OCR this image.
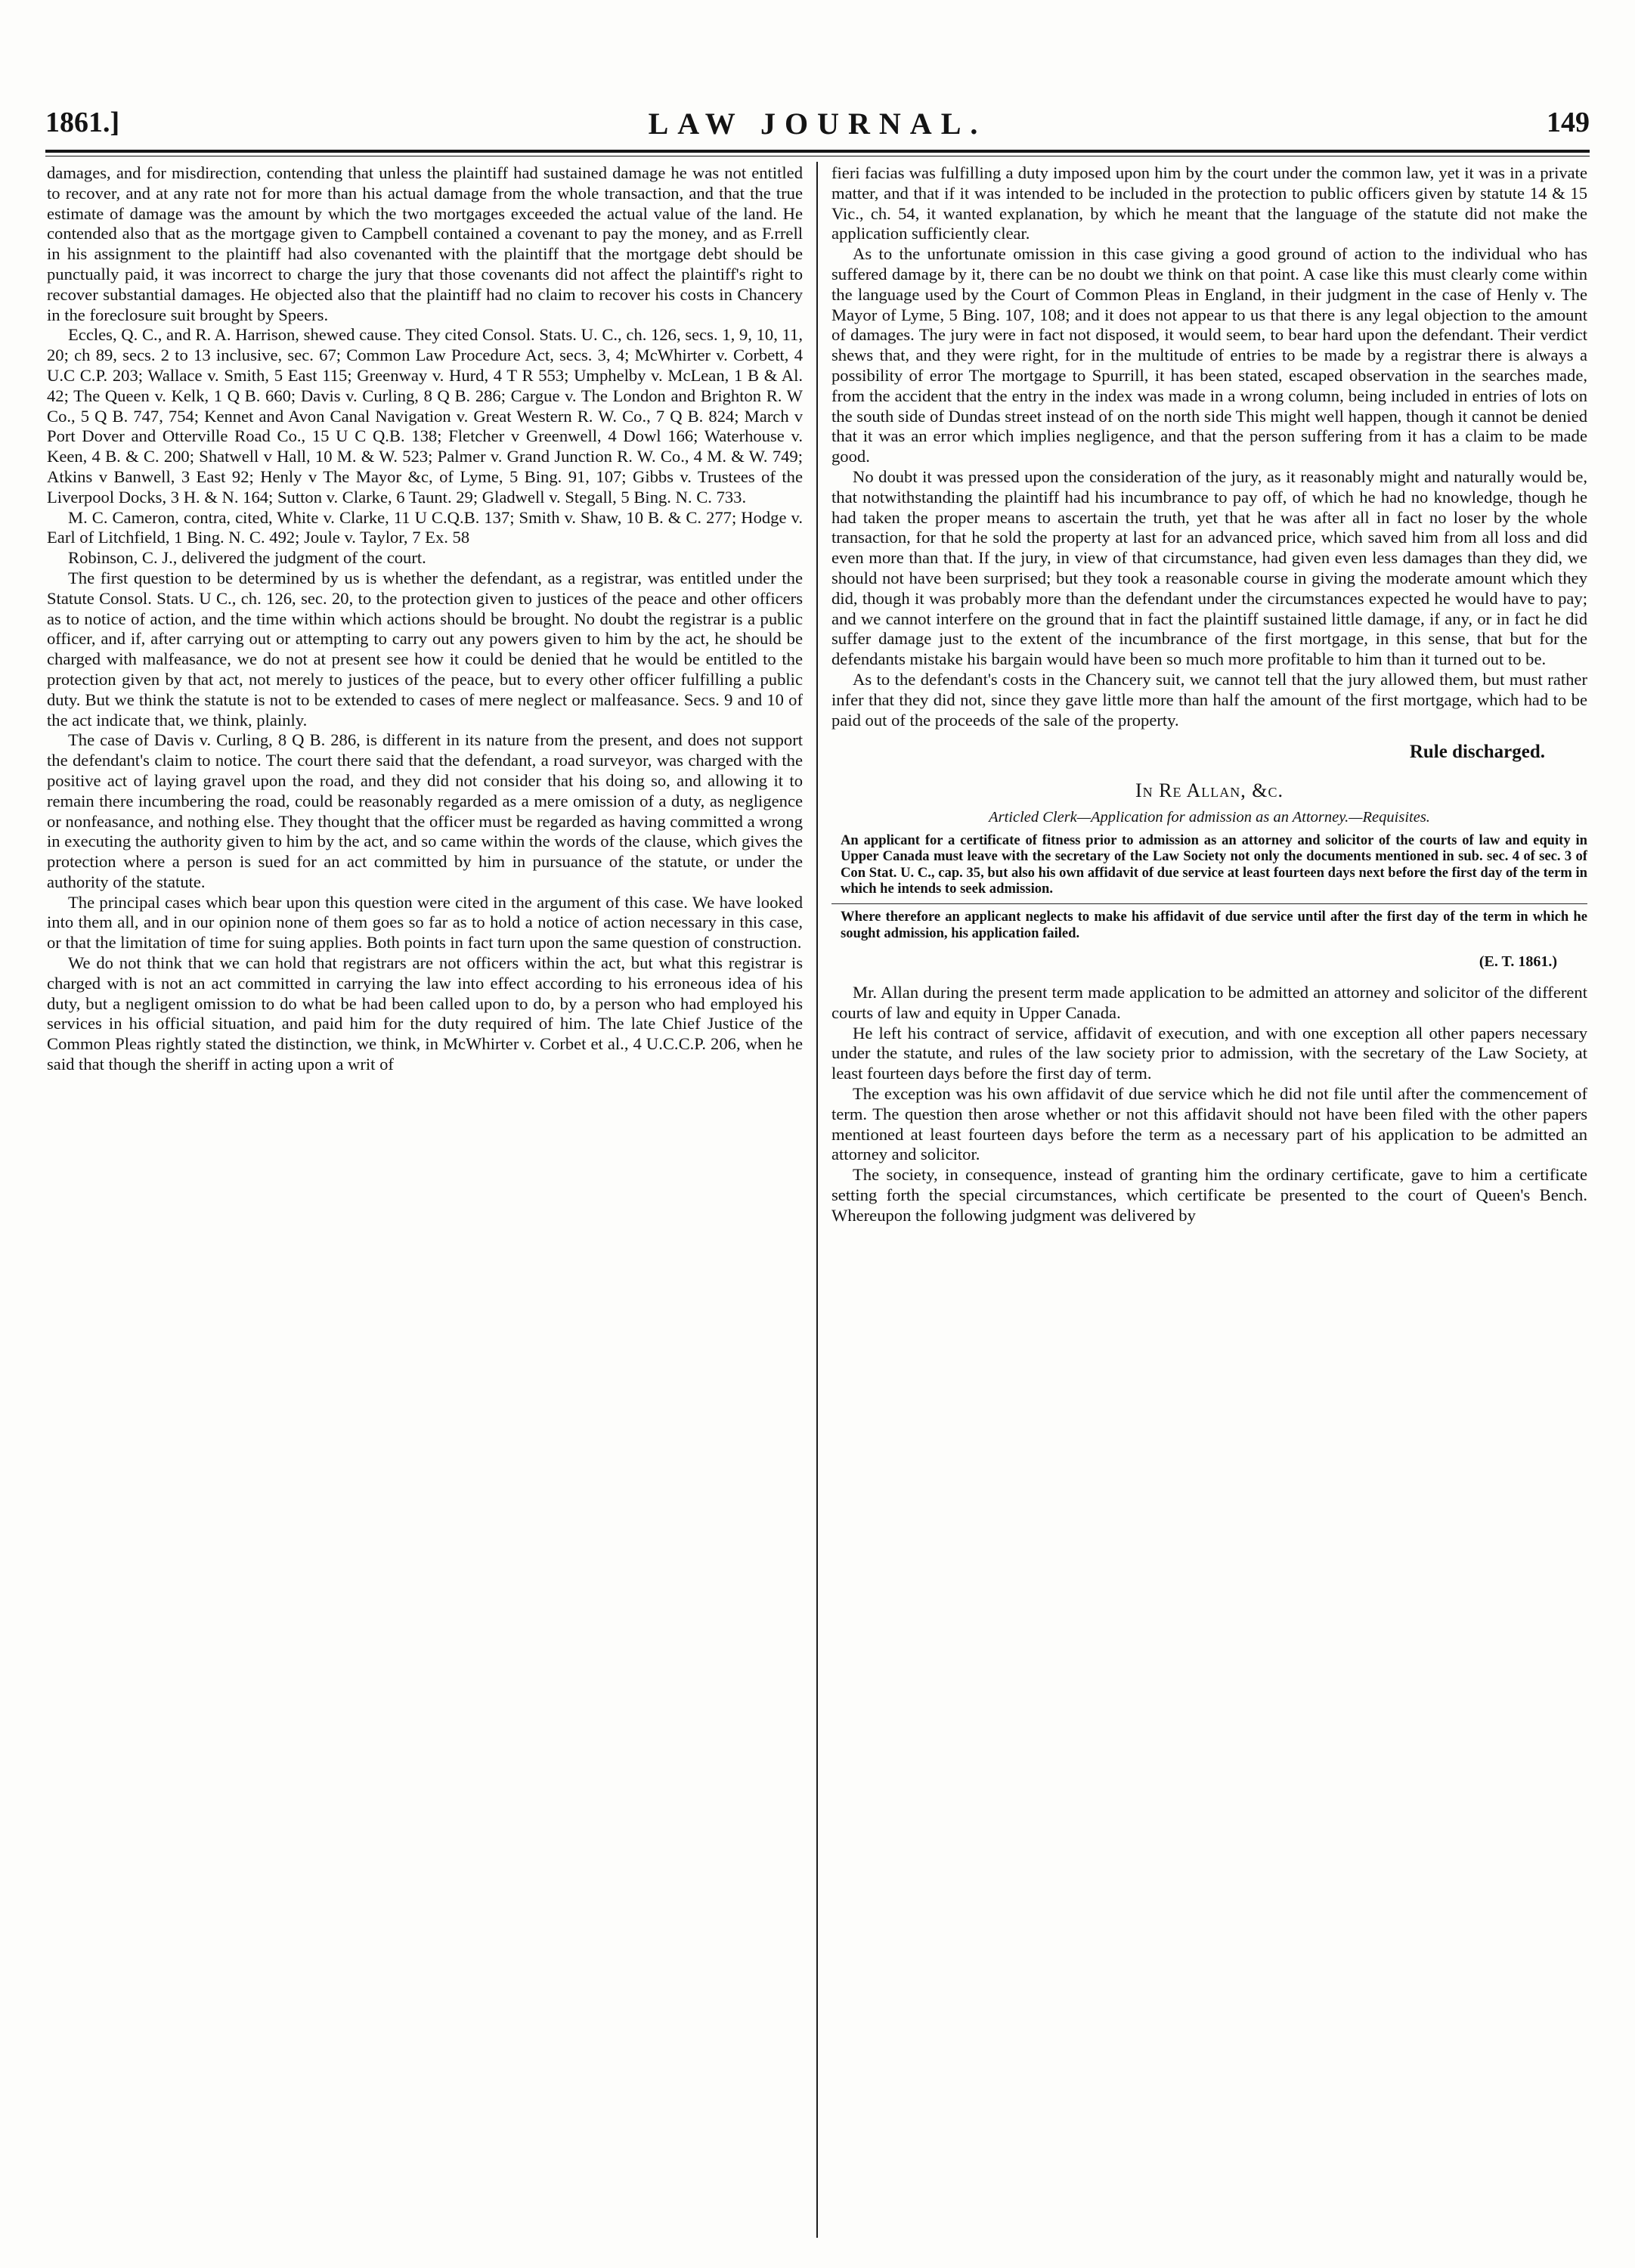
1861.]	LAW JOURNAL.	149

damages, and for misdirection, contending that unless the plaintiff had sustained damage he was not entitled to recover, and at any rate not for more than his actual damage from the whole transaction, and that the true estimate of damage was the amount by which the two mortgages exceeded the actual value of the land. He contended also that as the mortgage given to Campbell contained a covenant to pay the money, and as F.rrell in his assignment to the plaintiff had also covenanted with the plaintiff that the mortgage debt should be punctually paid, it was incorrect to charge the jury that those covenants did not affect the plaintiff's right to recover substantial damages. He objected also that the plaintiff had no claim to recover his costs in Chancery in the foreclosure suit brought by Speers.

Eccles, Q. C., and R. A. Harrison, shewed cause. They cited Consol. Stats. U. C., ch. 126, secs. 1, 9, 10, 11, 20; ch 89, secs. 2 to 13 inclusive, sec. 67; Common Law Procedure Act, secs. 3, 4; McWhirter v. Corbett, 4 U.C C.P. 203; Wallace v. Smith, 5 East 115; Greenway v. Hurd, 4 T R 553; Umphelby v. McLean, 1 B & Al. 42; The Queen v. Kelk, 1 Q B. 660; Davis v. Curling, 8 Q B. 286; Cargue v. The London and Brighton R. W Co., 5 Q B. 747, 754; Kennet and Avon Canal Navigation v. Great Western R. W. Co., 7 Q B. 824; March v Port Dover and Otterville Road Co., 15 U C Q.B. 138; Fletcher v Greenwell, 4 Dowl 166; Waterhouse v. Keen, 4 B. & C. 200; Shatwell v Hall, 10 M. & W. 523; Palmer v. Grand Junction R. W. Co., 4 M. & W. 749; Atkins v Banwell, 3 East 92; Henly v The Mayor &c, of Lyme, 5 Bing. 91, 107; Gibbs v. Trustees of the Liverpool Docks, 3 H. & N. 164; Sutton v. Clarke, 6 Taunt. 29; Gladwell v. Stegall, 5 Bing. N. C. 733.

M. C. Cameron, contra, cited, White v. Clarke, 11 U C.Q.B. 137; Smith v. Shaw, 10 B. & C. 277; Hodge v. Earl of Litchfield, 1 Bing. N. C. 492; Joule v. Taylor, 7 Ex. 58

Robinson, C. J., delivered the judgment of the court.

The first question to be determined by us is whether the defendant, as a registrar, was entitled under the Statute Consol. Stats. U C., ch. 126, sec. 20, to the protection given to justices of the peace and other officers as to notice of action, and the time within which actions should be brought. No doubt the registrar is a public officer, and if, after carrying out or attempting to carry out any powers given to him by the act, he should be charged with malfeasance, we do not at present see how it could be denied that he would be entitled to the protection given by that act, not merely to justices of the peace, but to every other officer fulfilling a public duty. But we think the statute is not to be extended to cases of mere neglect or malfeasance. Secs. 9 and 10 of the act indicate that, we think, plainly.

The case of Davis v. Curling, 8 Q B. 286, is different in its nature from the present, and does not support the defendant's claim to notice. The court there said that the defendant, a road surveyor, was charged with the positive act of laying gravel upon the road, and they did not consider that his doing so, and allowing it to remain there incumbering the road, could be reasonably regarded as a mere omission of a duty, as negligence or nonfeasance, and nothing else. They thought that the officer must be regarded as having committed a wrong in executing the authority given to him by the act, and so came within the words of the clause, which gives the protection where a person is sued for an act committed by him in pursuance of the statute, or under the authority of the statute.

The principal cases which bear upon this question were cited in the argument of this case. We have looked into them all, and in our opinion none of them goes so far as to hold a notice of action necessary in this case, or that the limitation of time for suing applies. Both points in fact turn upon the same question of construction.

We do not think that we can hold that registrars are not officers within the act, but what this registrar is charged with is not an act committed in carrying the law into effect according to his erroneous idea of his duty, but a negligent omission to do what be had been called upon to do, by a person who had employed his services in his official situation, and paid him for the duty required of him. The late Chief Justice of the Common Pleas rightly stated the distinction, we think, in McWhirter v. Corbet et al., 4 U.C.C.P. 206, when he said that though the sheriff in acting upon a writ of

fieri facias was fulfilling a duty imposed upon him by the court under the common law, yet it was in a private matter, and that if it was intended to be included in the protection to public officers given by statute 14 & 15 Vic., ch. 54, it wanted explanation, by which he meant that the language of the statute did not make the application sufficiently clear.

As to the unfortunate omission in this case giving a good ground of action to the individual who has suffered damage by it, there can be no doubt we think on that point. A case like this must clearly come within the language used by the Court of Common Pleas in England, in their judgment in the case of Henly v. The Mayor of Lyme, 5 Bing. 107, 108; and it does not appear to us that there is any legal objection to the amount of damages. The jury were in fact not disposed, it would seem, to bear hard upon the defendant. Their verdict shews that, and they were right, for in the multitude of entries to be made by a registrar there is always a possibility of error The mortgage to Spurrill, it has been stated, escaped observation in the searches made, from the accident that the entry in the index was made in a wrong column, being included in entries of lots on the south side of Dundas street instead of on the north side This might well happen, though it cannot be denied that it was an error which implies negligence, and that the person suffering from it has a claim to be made good.

No doubt it was pressed upon the consideration of the jury, as it reasonably might and naturally would be, that notwithstanding the plaintiff had his incumbrance to pay off, of which he had no knowledge, though he had taken the proper means to ascertain the truth, yet that he was after all in fact no loser by the whole transaction, for that he sold the property at last for an advanced price, which saved him from all loss and did even more than that. If the jury, in view of that circumstance, had given even less damages than they did, we should not have been surprised; but they took a reasonable course in giving the moderate amount which they did, though it was probably more than the defendant under the circumstances expected he would have to pay; and we cannot interfere on the ground that in fact the plaintiff sustained little damage, if any, or in fact he did suffer damage just to the extent of the incumbrance of the first mortgage, in this sense, that but for the defendants mistake his bargain would have been so much more profitable to him than it turned out to be.

As to the defendant's costs in the Chancery suit, we cannot tell that the jury allowed them, but must rather infer that they did not, since they gave little more than half the amount of the first mortgage, which had to be paid out of the proceeds of the sale of the property.

Rule discharged.
In Re Allan, &c.
Articled Clerk—Application for admission as an Attorney.—Requisites.

An applicant for a certificate of fitness prior to admission as an attorney and solicitor of the courts of law and equity in Upper Canada must leave with the secretary of the Law Society not only the documents mentioned in sub. sec. 4 of sec. 3 of Con Stat. U. C., cap. 35, but also his own affidavit of due service at least fourteen days next before the first day of the term in which he intends to seek admission.

Where therefore an applicant neglects to make his affidavit of due service until after the first day of the term in which he sought admission, his application failed.

(E. T. 1861.)

Mr. Allan during the present term made application to be admitted an attorney and solicitor of the different courts of law and equity in Upper Canada.

He left his contract of service, affidavit of execution, and with one exception all other papers necessary under the statute, and rules of the law society prior to admission, with the secretary of the Law Society, at least fourteen days before the first day of term.

The exception was his own affidavit of due service which he did not file until after the commencement of term. The question then arose whether or not this affidavit should not have been filed with the other papers mentioned at least fourteen days before the term as a necessary part of his application to be admitted an attorney and solicitor.

The society, in consequence, instead of granting him the ordinary certificate, gave to him a certificate setting forth the special circumstances, which certificate be presented to the court of Queen's Bench. Whereupon the following judgment was delivered by
